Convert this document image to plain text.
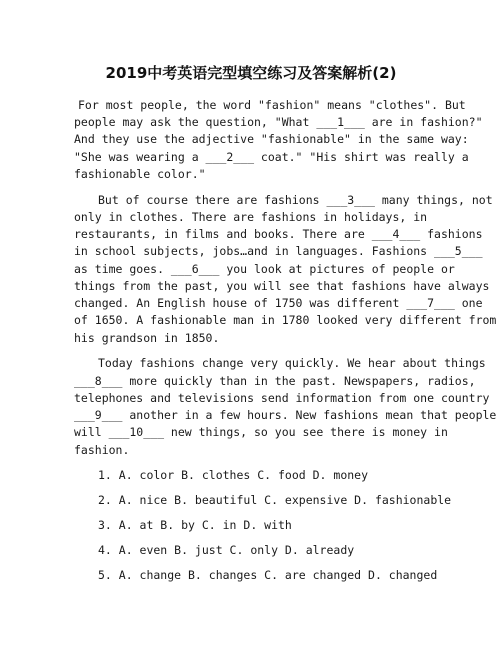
2019中考英语完型填空练习及答案解析(2)
For most people, the word "fashion" means "clothes". But
people may ask the question, "What ___1___ are in fashion?"
And they use the adjective "fashionable" in the same way:
"She was wearing a ___2___ coat." "His shirt was really a
fashionable color."
But of course there are fashions ___3___ many things, not
only in clothes. There are fashions in holidays, in
restaurants, in films and books. There are ___4___ fashions
in school subjects, jobs…and in languages. Fashions ___5___
as time goes. ___6___ you look at pictures of people or
things from the past, you will see that fashions have always
changed. An English house of 1750 was different ___7___ one
of 1650. A fashionable man in 1780 looked very different from
his grandson in 1850.
Today fashions change very quickly. We hear about things
___8___ more quickly than in the past. Newspapers, radios,
telephones and televisions send information from one country
___9___ another in a few hours. New fashions mean that people
will ___10___ new things, so you see there is money in
fashion.
1. A. color B. clothes C. food D. money
2. A. nice B. beautiful C. expensive D. fashionable
3. A. at B. by C. in D. with
4. A. even B. just C. only D. already
5. A. change B. changes C. are changed D. changed
